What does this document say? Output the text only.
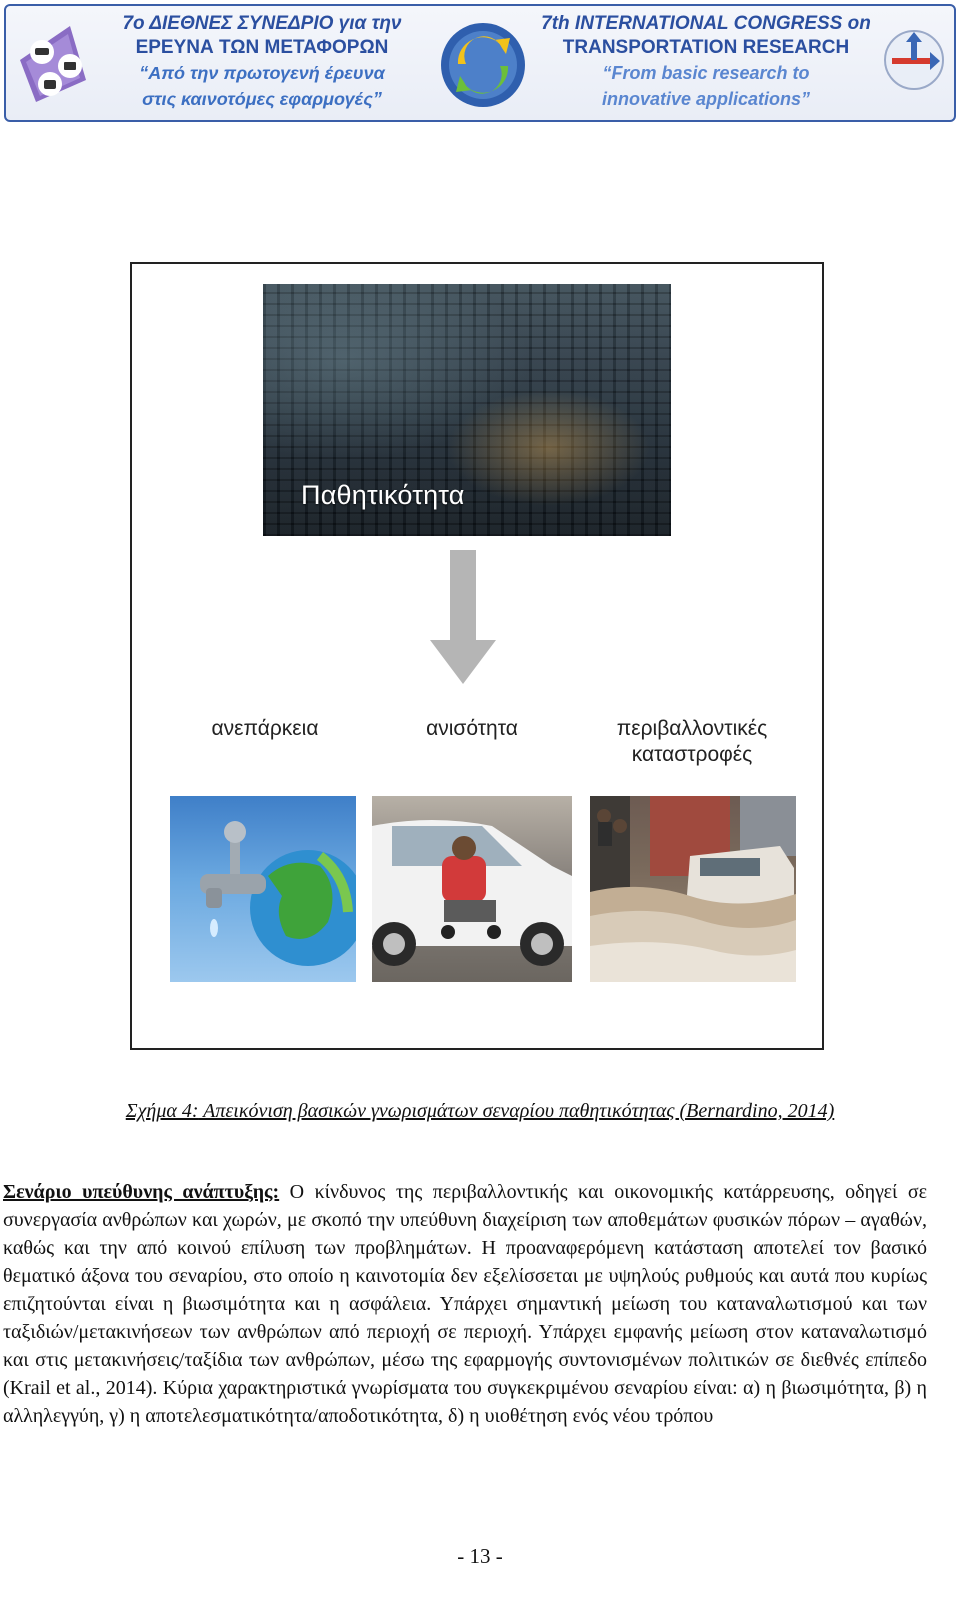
7ο ΔΙΕΘΝΕΣ ΣΥΝΕΔΡΙΟ για την
ΕΡΕΥΝΑ ΤΩΝ ΜΕΤΑΦΟΡΩΝ
“Από την πρωτογενή έρευνα
στις καινοτόμες εφαρμογές”
7th INTERNATIONAL CONGRESS on
TRANSPORTATION RESEARCH
“From basic research to
innovative applications”
Παθητικότητα
ανεπάρκεια	ανισότητα	περιβαλλοντικές
καταστροφές
Σχήμα 4: Απεικόνιση βασικών γνωρισμάτων σεναρίου παθητικότητας (Bernardino, 2014)
Σενάριο υπεύθυνης ανάπτυξης: Ο κίνδυνος της περιβαλλοντικής και οικονομικής κατάρρευσης, οδηγεί σε συνεργασία ανθρώπων και χωρών, με σκοπό την υπεύθυνη διαχείριση των αποθεμάτων φυσικών πόρων – αγαθών, καθώς και την από κοινού επίλυση των προβλημάτων. Η προαναφερόμενη κατάσταση αποτελεί τον βασικό θεματικό άξονα του σεναρίου, στο οποίο η καινοτομία δεν εξελίσσεται με υψηλούς ρυθμούς και αυτά που κυρίως επιζητούνται είναι η βιωσιμότητα και η ασφάλεια. Υπάρχει σημαντική μείωση του καταναλωτισμού και των ταξιδιών/μετακινήσεων των ανθρώπων από περιοχή σε περιοχή. Υπάρχει εμφανής μείωση στον καταναλωτισμό και στις μετακινήσεις/ταξίδια των ανθρώπων, μέσω της εφαρμογής συντονισμένων πολιτικών σε διεθνές επίπεδο (Krail et al., 2014). Κύρια χαρακτηριστικά γνωρίσματα του συγκεκριμένου σεναρίου είναι: α) η βιωσιμότητα, β) η αλληλεγγύη, γ) η αποτελεσματικότητα/αποδοτικότητα, δ) η υιοθέτηση ενός νέου τρόπου
- 13 -
